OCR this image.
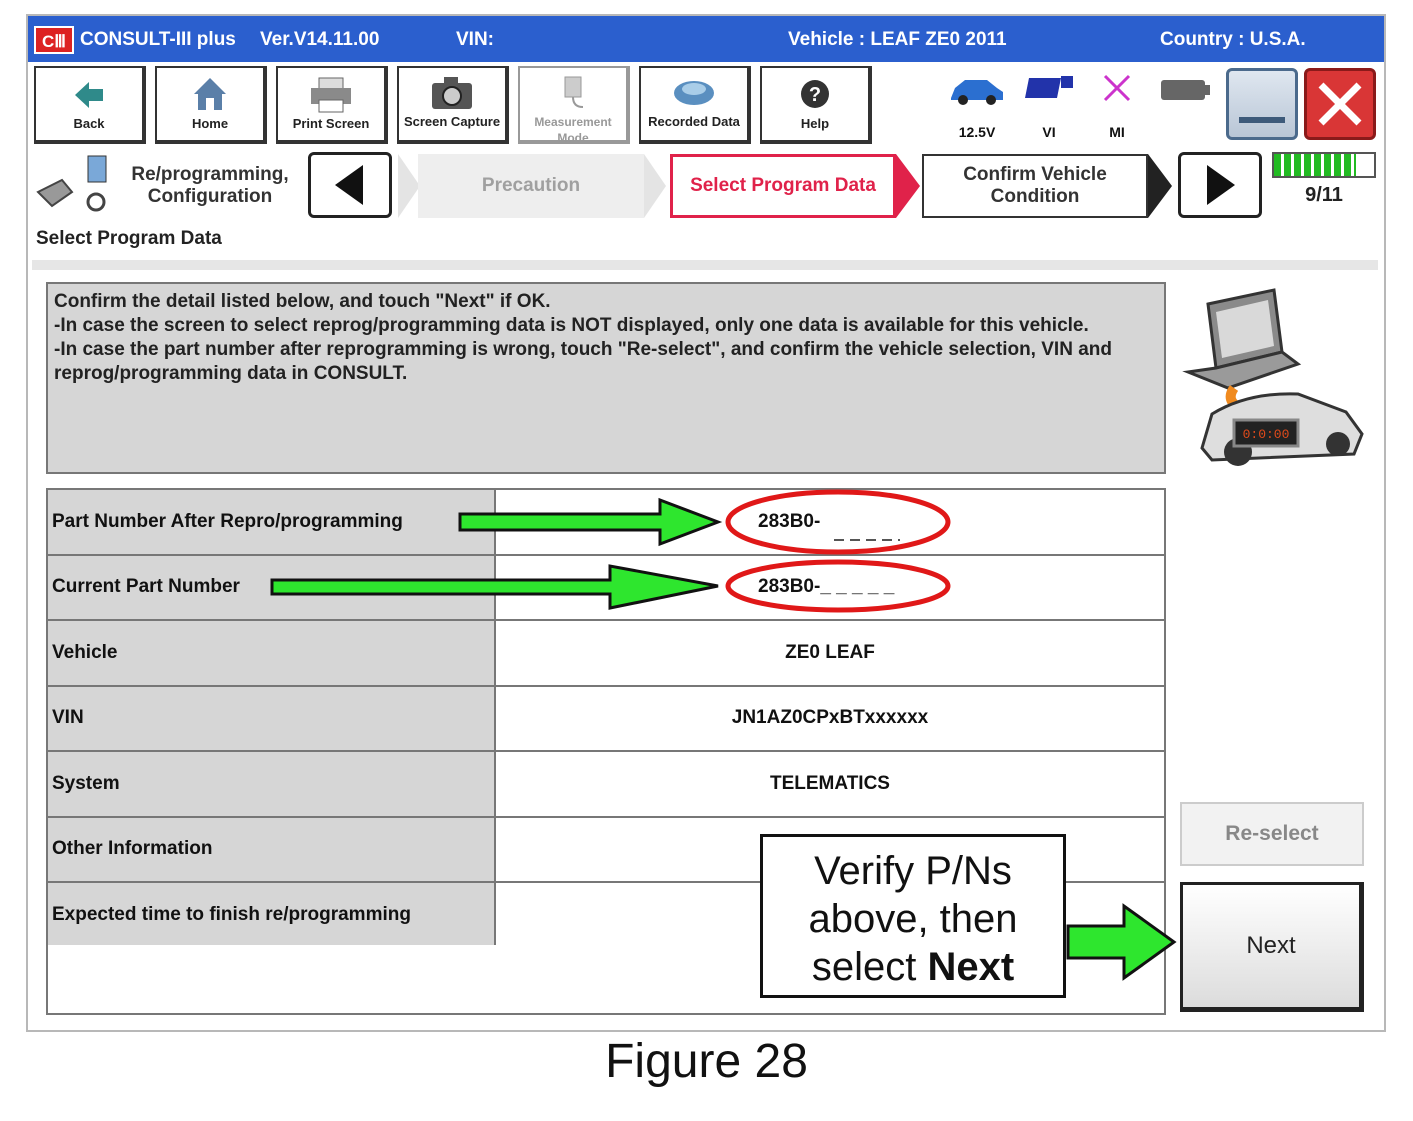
CⅢ CONSULT-III plus Ver.V14.11.00	VIN:	Vehicle : LEAF ZE0 2011	Country : U.S.A.
Back	Home	Print Screen	Screen Capture	Measurement Mode
Recorded Data
?
Help
12.5V	VI	MI
Re/programming, Configuration
Precaution	Select Program Data
Confirm Vehicle Condition	9/11
Select Program Data

Confirm the detail listed below, and touch "Next" if OK.

-In case the screen to select reprog/programming data is NOT displayed, only one data is available for this vehicle.

-In case the part number after reprogramming is wrong, touch "Re-select", and confirm the vehicle selection, VIN and reprog/programming data in CONSULT.

0:0:00
Part Number After Repro/programming	283B0-
Current Part Number	283B0-_ _ _ _ _
Vehicle	ZE0 LEAF
VIN	JN1AZ0CPxBTxxxxxx
System	TELEMATICS
Other Information	
Expected time to finish re/programming	
Re-select
Next
Verify P/Ns
above, then
select Next
Figure 28
